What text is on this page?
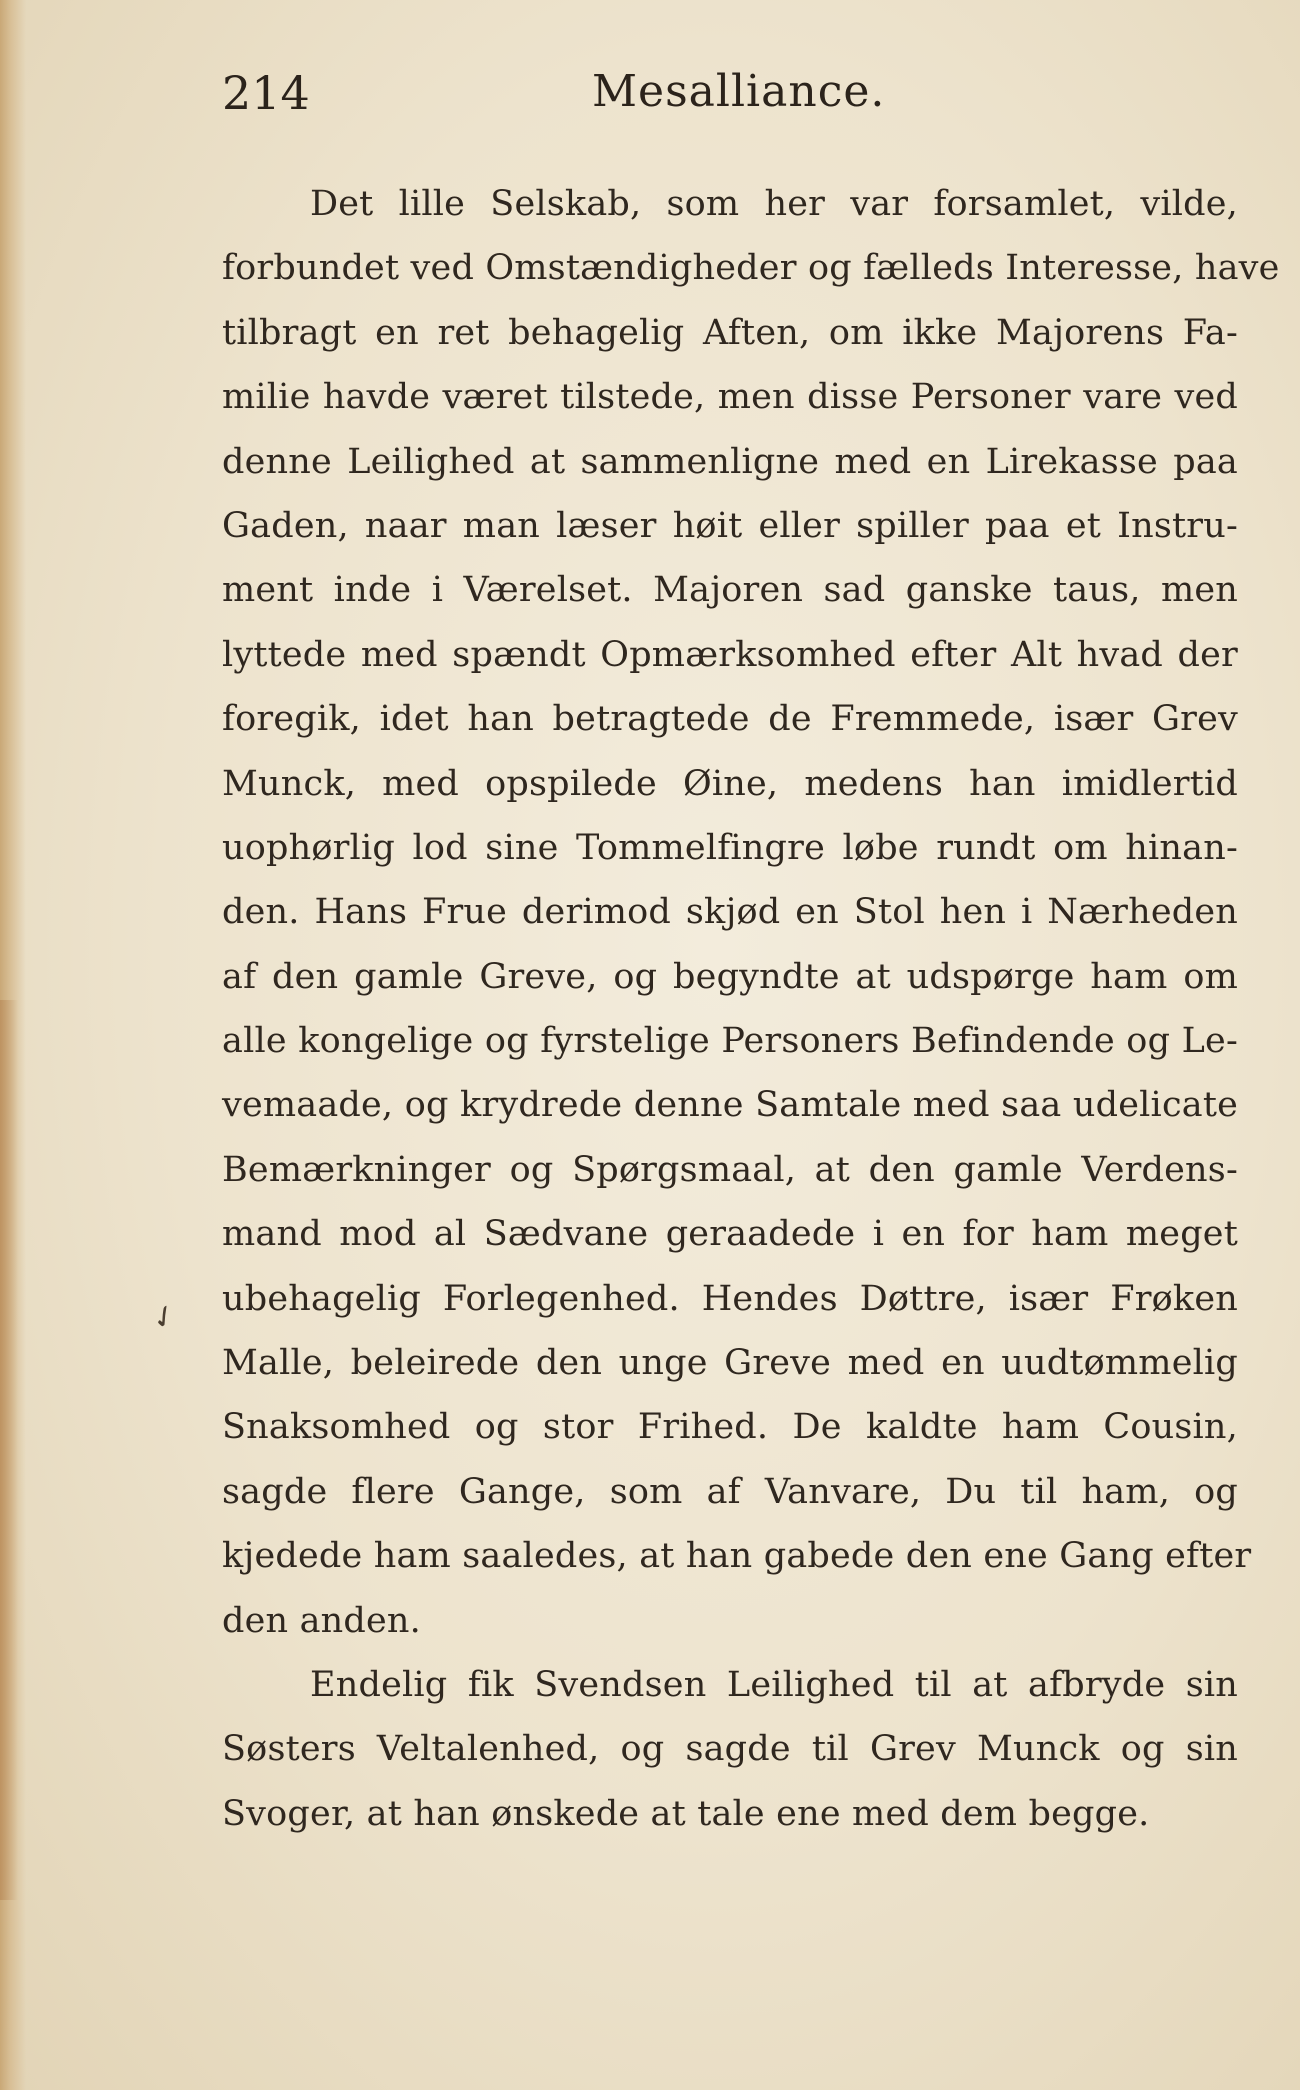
214	Mesalliance.
Det lille Selskab, som her var forsamlet, vilde,
forbundet ved Omstændigheder og fælleds Interesse, have
tilbragt en ret behagelig Aften, om ikke Majorens Fa-
milie havde været tilstede, men disse Personer vare ved
denne Leilighed at sammenligne med en Lirekasse paa
Gaden, naar man læser høit eller spiller paa et Instru-
ment inde i Værelset. Majoren sad ganske taus, men
lyttede med spændt Opmærksomhed efter Alt hvad der
foregik, idet han betragtede de Fremmede, især Grev
Munck, med opspilede Øine, medens han imidlertid
uophørlig lod sine Tommelfingre løbe rundt om hinan-
den. Hans Frue derimod skjød en Stol hen i Nærheden
af den gamle Greve, og begyndte at udspørge ham om
alle kongelige og fyrstelige Personers Befindende og Le-
vemaade, og krydrede denne Samtale med saa udelicate
Bemærkninger og Spørgsmaal, at den gamle Verdens-
mand mod al Sædvane geraadede i en for ham meget
ubehagelig Forlegenhed. Hendes Døttre, især Frøken
Malle, beleirede den unge Greve med en uudtømmelig
Snaksomhed og stor Frihed. De kaldte ham Cousin,
sagde flere Gange, som af Vanvare, Du til ham, og
kjedede ham saaledes, at han gabede den ene Gang efter
den anden.
Endelig fik Svendsen Leilighed til at afbryde sin
Søsters Veltalenhed, og sagde til Grev Munck og sin
Svoger, at han ønskede at tale ene med dem begge.
✓
